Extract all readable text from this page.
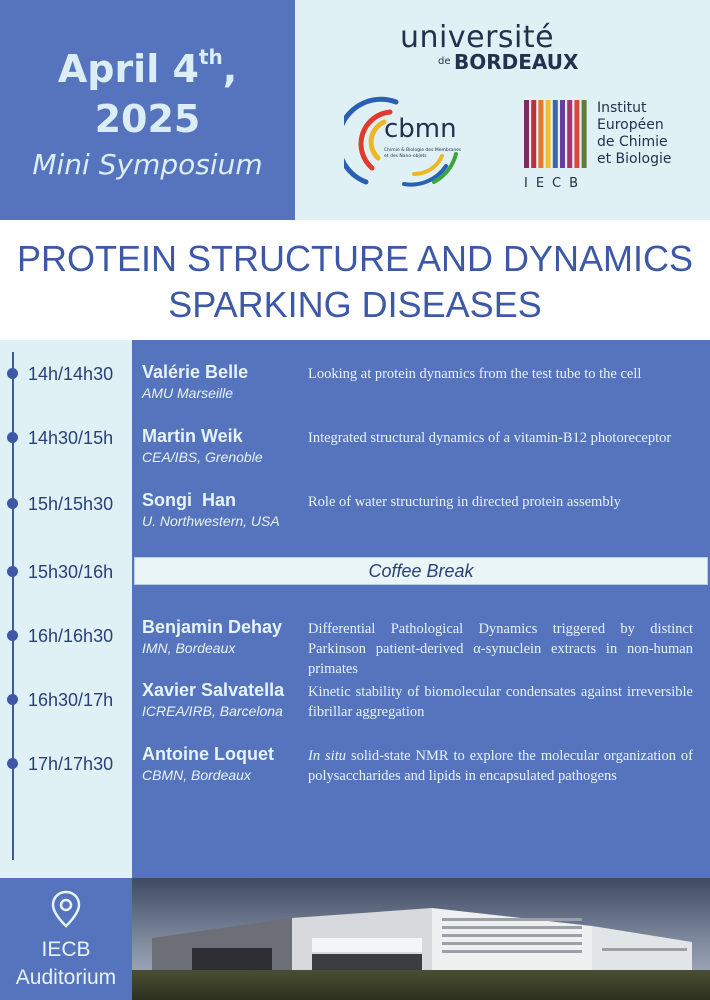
April 4th,
2025
Mini Symposium
université
de BORDEAUX
cbmn
Chimie & Biologie des Membranes et des Nano-objets
Institut
Européen
de Chimie
et Biologie
IECB
PROTEIN STRUCTURE AND DYNAMICS
SPARKING DISEASES
14h/14h30 Valérie Belle
AMU Marseille
Looking at protein dynamics from the test tube to the cell
14h30/15h Martin Weik
CEA/IBS, Grenoble
Integrated structural dynamics of a vitamin-B12 photoreceptor
15h/15h30 Songi  Han
U. Northwestern, USA
Role of water structuring in directed protein assembly
15h30/16h	Coffee Break
16h/16h30 Benjamin Dehay
IMN, Bordeaux
Differential Pathological Dynamics triggered by distinct Parkinson patient-derived α-synuclein extracts in non-human primates
16h30/17h Xavier Salvatella
ICREA/IRB, Barcelona
Kinetic stability of biomolecular condensates against irreversible fibrillar aggregation
17h/17h30 Antoine Loquet
CBMN, Bordeaux
In situ solid-state NMR to explore the molecular organization of polysaccharides and lipids in encapsulated pathogens
IECB
Auditorium
